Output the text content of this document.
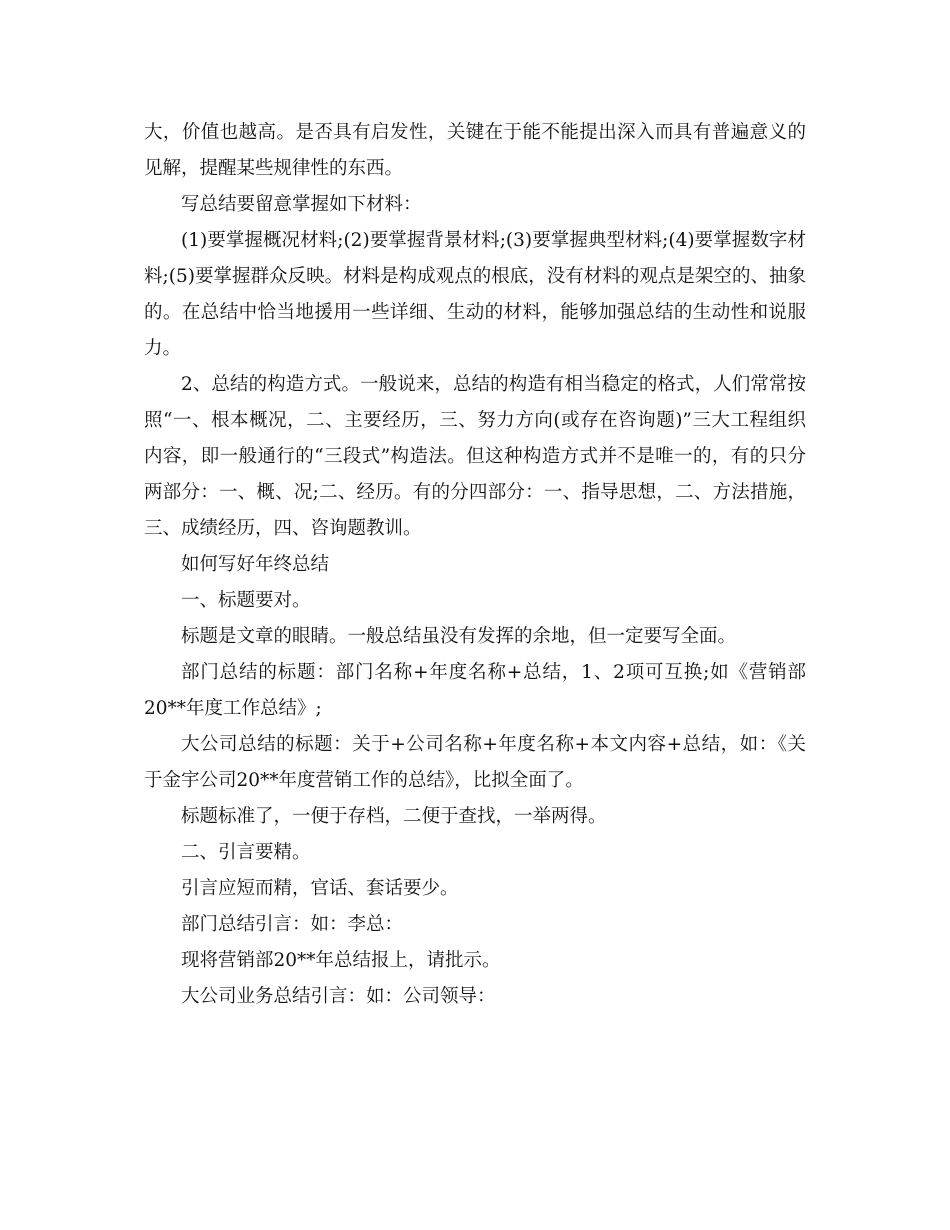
大，价值也越高。是否具有启发性，关键在于能不能提出深入而具有普遍意义的见解，提醒某些规律性的东西。

写总结要留意掌握如下材料：

(1)要掌握概况材料;(2)要掌握背景材料;(3)要掌握典型材料;(4)要掌握数字材料;(5)要掌握群众反映。材料是构成观点的根底，没有材料的观点是架空的、抽象的。在总结中恰当地援用一些详细、生动的材料，能够加强总结的生动性和说服力。

2、总结的构造方式。一般说来，总结的构造有相当稳定的格式，人们常常按照“一、根本概况，二、主要经历，三、努力方向(或存在咨询题)”三大工程组织内容，即一般通行的“三段式”构造法。但这种构造方式并不是唯一的，有的只分两部分：一、概、况;二、经历。有的分四部分：一、指导思想，二、方法措施，三、成绩经历，四、咨询题教训。

如何写好年终总结

一、标题要对。

标题是文章的眼睛。一般总结虽没有发挥的余地，但一定要写全面。

部门总结的标题：部门名称+年度名称+总结，1、2项可互换;如《营销部20**年度工作总结》;

大公司总结的标题：关于+公司名称+年度名称+本文内容+总结，如：《关于金宇公司20**年度营销工作的总结》，比拟全面了。

标题标准了，一便于存档，二便于查找，一举两得。

二、引言要精。

引言应短而精，官话、套话要少。

部门总结引言：如：李总：

现将营销部20**年总结报上，请批示。

大公司业务总结引言：如：公司领导：
